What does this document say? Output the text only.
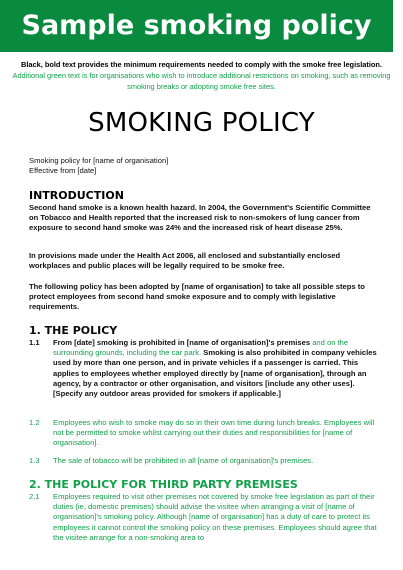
Sample smoking policy
Black, bold text provides the minimum requirements needed to comply with the smoke free legislation. Additional green text is for organisations who wish to introduce additional restrictions on smoking, such as removing smoking breaks or adopting smoke free sites.
SMOKING POLICY
Smoking policy for [name of organisation]
Effective from [date]
INTRODUCTION
Second hand smoke is a known health hazard. In 2004, the Government's Scientific Committee on Tobacco and Health reported that the increased risk to non-smokers of lung cancer from exposure to second hand smoke was 24% and the increased risk of heart disease 25%.
In provisions made under the Health Act 2006, all enclosed and substantially enclosed workplaces and public places will be legally required to be smoke free.
The following policy has been adopted by [name of organisation] to take all possible steps to protect employees from second hand smoke exposure and to comply with legislative requirements.
1. THE POLICY
1.1 From [date] smoking is prohibited in [name of organisation]'s premises and on the surrounding grounds, including the car park. Smoking is also prohibited in company vehicles used by more than one person, and in private vehicles if a passenger is carried. This applies to employees whether employed directly by [name of organisation], through an agency, by a contractor or other organisation, and visitors [include any other uses]. [Specify any outdoor areas provided for smokers if applicable.]
1.2 Employees who wish to smoke may do so in their own time during lunch breaks. Employees will not be permitted to smoke whilst carrying out their duties and responsibilities for [name of organisation].
1.3 The sale of tobacco will be prohibited in all [name of organisation]'s premises.
2. THE POLICY FOR THIRD PARTY PREMISES
2.1 Employees required to visit other premises not covered by smoke free legislation as part of their duties (ie, domestic premises) should advise the visitee when arranging a visit of [name of organisation]'s smoking policy. Although [name of organisation] has a duty of care to protect its employees it cannot control the smoking policy on these premises. Employees should agree that the visitee arrange for a non-smoking area to
